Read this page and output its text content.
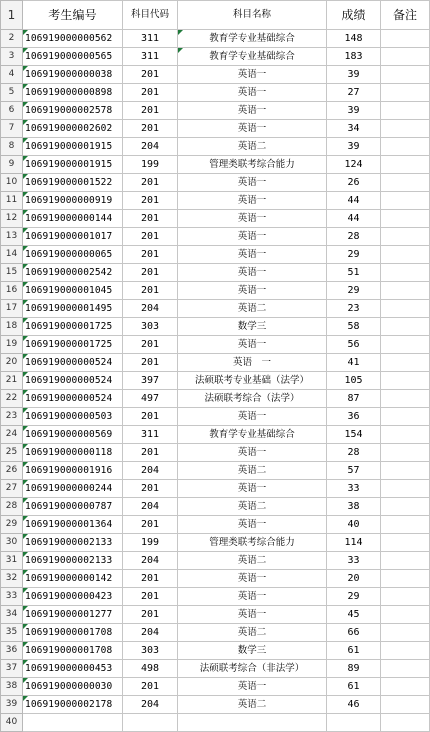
1	考生编号	科目代码	科目名称	成绩	备注
2	106919000000562	311	教育学专业基础综合	148	
3	106919000000565	311	教育学专业基础综合	183	
4	106919000000038	201	英语一	39	
5	106919000000898	201	英语一	27	
6	106919000002578	201	英语一	39	
7	106919000002602	201	英语一	34	
8	106919000001915	204	英语二	39	
9	106919000001915	199	管理类联考综合能力	124	
10	106919000001522	201	英语一	26	
11	106919000000919	201	英语一	44	
12	106919000000144	201	英语一	44	
13	106919000001017	201	英语一	28	
14	106919000000065	201	英语一	29	
15	106919000002542	201	英语一	51	
16	106919000001045	201	英语一	29	
17	106919000001495	204	英语二	23	
18	106919000001725	303	数学三	58	
19	106919000001725	201	英语一	56	
20	106919000000524	201	英语　一	41	
21	106919000000524	397	法硕联考专业基础（法学）	105	
22	106919000000524	497	法硕联考综合（法学）	87	
23	106919000000503	201	英语一	36	
24	106919000000569	311	教育学专业基础综合	154	
25	106919000000118	201	英语一	28	
26	106919000001916	204	英语二	57	
27	106919000000244	201	英语一	33	
28	106919000000787	204	英语二	38	
29	106919000001364	201	英语一	40	
30	106919000002133	199	管理类联考综合能力	114	
31	106919000002133	204	英语二	33	
32	106919000000142	201	英语一	20	
33	106919000000423	201	英语一	29	
34	106919000001277	201	英语一	45	
35	106919000001708	204	英语二	66	
36	106919000001708	303	数学三	61	
37	106919000000453	498	法硕联考综合（非法学）	89	
38	106919000000030	201	英语一	61	
39	106919000002178	204	英语二	46	
40					
